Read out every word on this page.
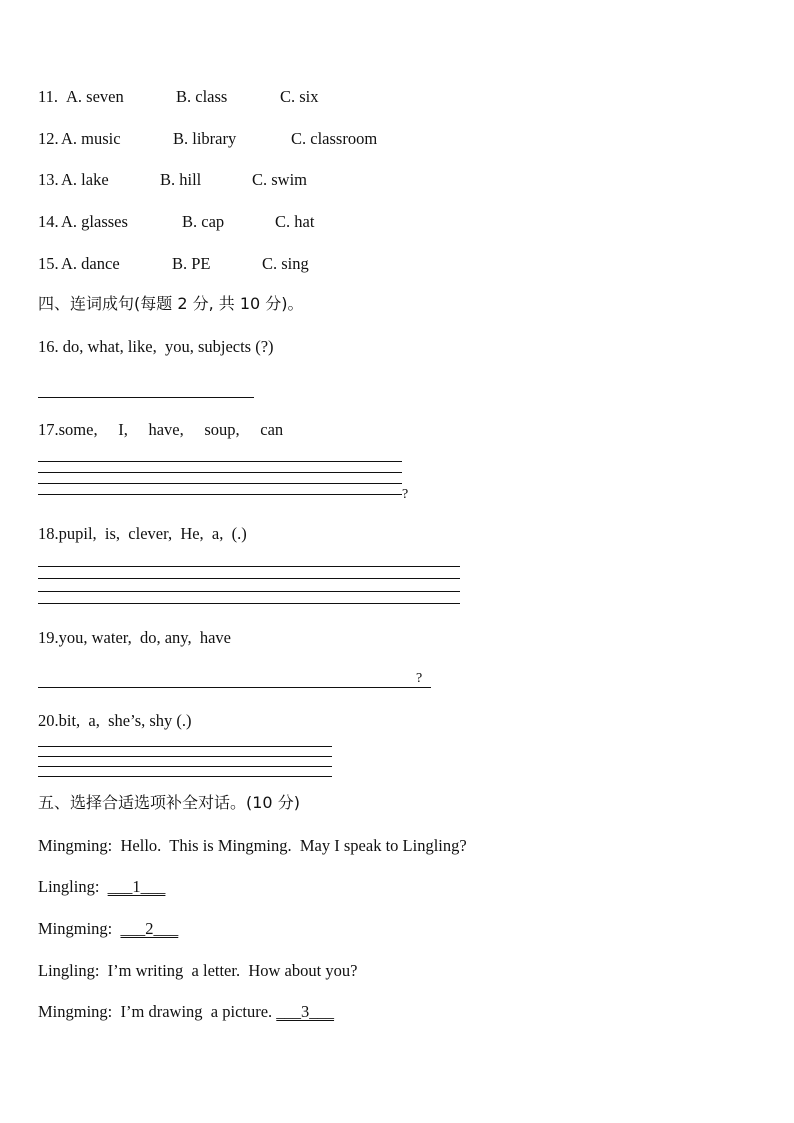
11. A. seven	B. class	C. six
12. A. music	B. library	C. classroom
13. A. lake	B. hill	C. swim
14. A. glasses	B. cap	C. hat
15. A. dance	B. PE	C. sing
四、连词成句(每题 2 分, 共 10 分)。
16. do, what, like,  you, subjects (?)
17.some,     I,     have,     soup,     can
?
18.pupil,  is,  clever,  He,  a,  (.)
19.you, water,  do, any,  have
?
20.bit,  a,  she’s, shy (.)
五、选择合适选项补全对话。(10 分)
Mingming: Hello.  This is Mingming.  May I speak to Lingling?
Lingling: ___1___
Mingming: ___2___
Lingling: I’m writing  a letter.  How about you?
Mingming: I’m drawing  a picture. ___3___
